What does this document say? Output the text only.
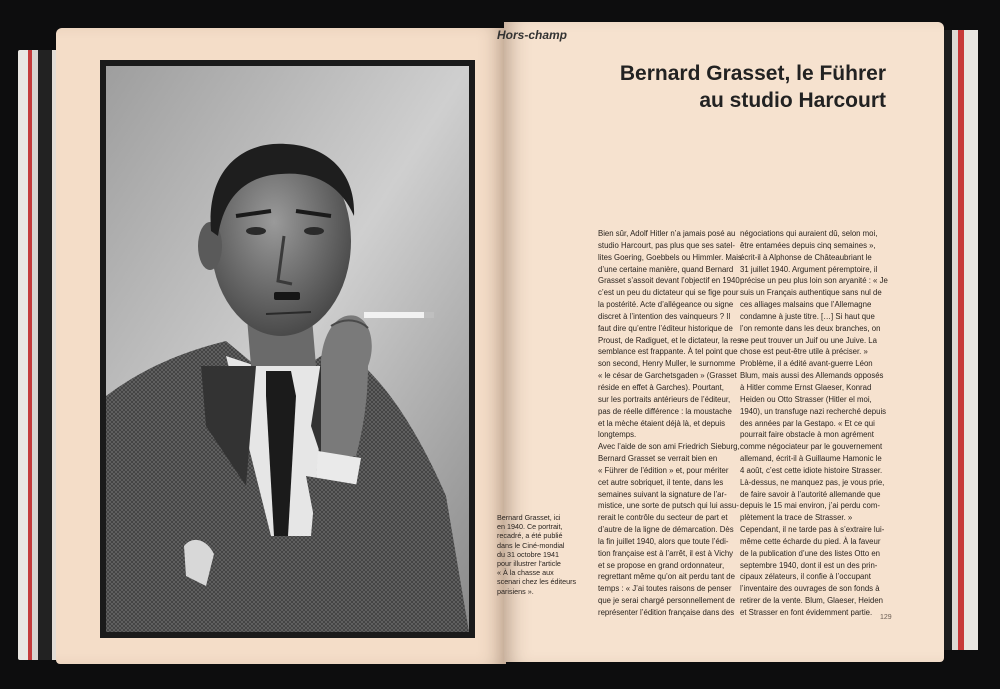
Bernard Grasset, ici
en 1940. Ce portrait,
recadré, a été publié
dans le Ciné-mondial
du 31 octobre 1941
pour illustrer l’article
« À la chasse aux
scenari chez les éditeurs
parisiens ».
Hors-champ
Bernard Grasset, le Führer
au studio Harcourt
Bien sûr, Adolf Hitler n’a jamais posé au
studio Harcourt, pas plus que ses satel-
lites Goering, Goebbels ou Himmler. Mais
d’une certaine manière, quand Bernard
Grasset s’assoit devant l’objectif en 1940,
c’est un peu du dictateur qui se fige pour
la postérité. Acte d’allégeance ou signe
discret à l’intention des vainqueurs ? Il
faut dire qu’entre l’éditeur historique de
Proust, de Radiguet, et le dictateur, la res-
semblance est frappante. À tel point que
son second, Henry Muller, le surnomme
« le césar de Garchetsgaden » (Grasset
réside en effet à Garches). Pourtant,
sur les portraits antérieurs de l’éditeur,
pas de réelle différence : la moustache
et la mèche étaient déjà là, et depuis
longtemps.
Avec l’aide de son ami Friedrich Sieburg,
Bernard Grasset se verrait bien en
« Führer de l’édition » et, pour mériter
cet autre sobriquet, il tente, dans les
semaines suivant la signature de l’ar-
mistice, une sorte de putsch qui lui assu-
rerait le contrôle du secteur de part et
d’autre de la ligne de démarcation. Dès
la fin juillet 1940, alors que toute l’édi-
tion française est à l’arrêt, il est à Vichy
et se propose en grand ordonnateur,
regrettant même qu’on ait perdu tant de
temps : « J’ai toutes raisons de penser
que je serai chargé personnellement de
représenter l’édition française dans des
négociations qui auraient dû, selon moi,
être entamées depuis cinq semaines »,
écrit-il à Alphonse de Châteaubriant le
31 juillet 1940. Argument péremptoire, il
précise un peu plus loin son aryanité : « Je
suis un Français authentique sans nul de
ces alliages malsains que l’Allemagne
condamne à juste titre. […] Si haut que
l’on remonte dans les deux branches, on
ne peut trouver un Juif ou une Juive. La
chose est peut-être utile à préciser. »
Problème, il a édité avant-guerre Léon
Blum, mais aussi des Allemands opposés
à Hitler comme Ernst Glaeser, Konrad
Heiden ou Otto Strasser (Hitler el moi,
1940), un transfuge nazi recherché depuis
des années par la Gestapo. « Et ce qui
pourrait faire obstacle à mon agrément
comme négociateur par le gouvernement
allemand, écrit-il à Guillaume Hamonic le
4 août, c’est cette idiote histoire Strasser.
Là-dessus, ne manquez pas, je vous prie,
de faire savoir à l’autorité allemande que
depuis le 15 mai environ, j’ai perdu com-
plètement la trace de Strasser. »
Cependant, il ne tarde pas à s’extraire lui-
même cette écharde du pied. À la faveur
de la publication d’une des listes Otto en
septembre 1940, dont il est un des prin-
cipaux zélateurs, il confie à l’occupant
l’inventaire des ouvrages de son fonds à
retirer de la vente. Blum, Glaeser, Heiden
et Strasser en font évidemment partie.
129
